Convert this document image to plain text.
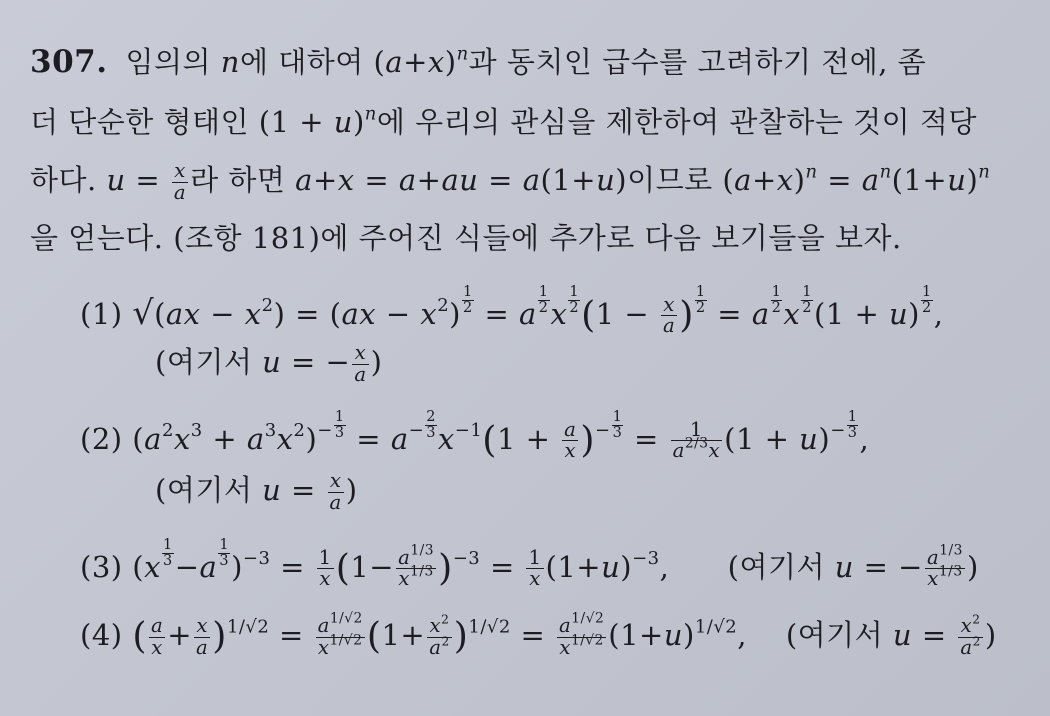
307. 임의의 n에 대하여 $(a+x)^n$과 동치인 급수를 고려하기 전에, 좀
더 단순한 형태인 $(1 + u)^n$에 우리의 관심을 제한하여 관찰하는 것이 적당
하다. $u = \frac{x}{a}$ 라 하면 a+x = a+au = a(1+u)이므로 $(a+x)^n = a^n(1+u)^n$
을 얻는다. (조항 181)에 주어진 식들에 추가로 다음 보기들을 보자.
(1) $√(ax - x^2) = (ax - x^2) \frac{1}{2} = a \frac{1}{2}$ x $\frac{1}{2} (1 - \frac{x}{a}$ ) $\frac{1}{2} = a \frac{1}{2}$ x $\frac{1}{2} (1 + u) \frac{1}{2}$ ,
(여기서 u = − $\frac{x}{a}$ )
(2) $(a^2x^3 + a^3x^2)^- \frac{1}{3} = a^- \frac{2}{3} x^{-1}(1 + \frac{a}{x} )^- \frac{1}{3} = \frac{1}{a^{2/3}x} (1 + u)^- \frac{1}{3}$ ,
(여기서 $u = \frac{x}{a}$ )
(3) $(x \frac{1}{3} -a \frac{1}{3} )^{-3} = \frac{1}{x} (1- \frac{a^{1/3}}{x^{1/3}} )^{-3} = \frac{1}{x} (1+u)^{-3}$,      (여기서 u = − $\frac{a^{1/3}}{x^{1/3}}$ )
(4) ( $\frac{a}{x} + \frac{x}{a} )^{1/√2} = \frac{a^{1/√2}}{x^{1/√2}} (1+ \frac{x^2}{a^2} )^{1/√2} = \frac{a^{1/√2}}{x^{1/√2}} (1+u)^{1/√2}$,    (여기서 $u = \frac{x^2}{a^2}$ )
